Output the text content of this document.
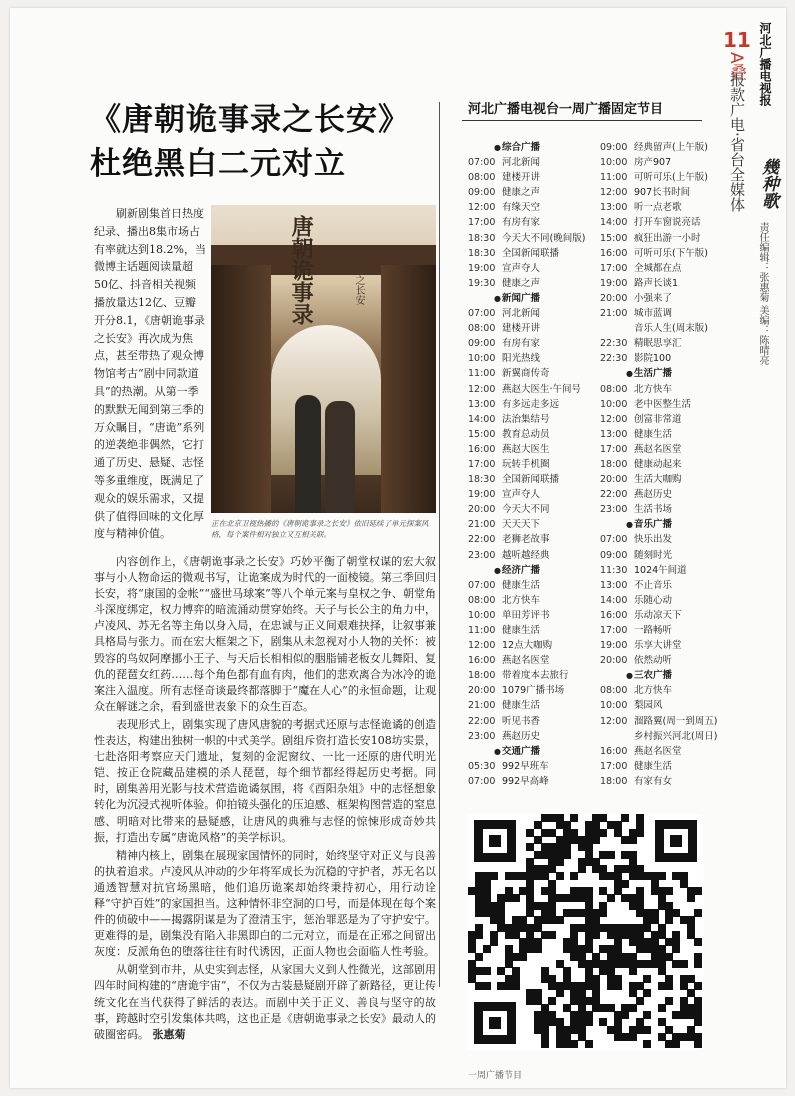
11
A叠 河北广播电视报
报款广电·省台全媒体 幾种歌
责任编辑：张惠菊 美编：陈晴亮
《唐朝诡事录之长安》
杜绝黑白二元对立
刷新剧集首日热度纪录、播出8集市场占有率就达到18.2%，当微博主话题阅读量超50亿、抖音相关视频播放量达12亿、豆瓣开分8.1，《唐朝诡事录之长安》再次成为焦点，甚至带热了观众博物馆考古“剧中同款道具”的热潮。从第一季的默默无闻到第三季的万众瞩目，“唐诡”系列的逆袭绝非偶然，它打通了历史、悬疑、志怪等多重维度，既满足了观众的娱乐需求，又提供了值得回味的文化厚度与精神价值。
唐朝诡事录	之长安
正在北京卫视热播的《唐朝诡事录之长安》依旧延续了单元探案风格，每个案件相对独立又互相关联。

内容创作上，《唐朝诡事录之长安》巧妙平衡了朝堂权谋的宏大叙事与小人物命运的微观书写，让诡案成为时代的一面棱镜。第三季回归长安，将“康国的金帐”“盛世马球案”等八个单元案与皇权之争、朝堂角斗深度绑定，权力博弈的暗流涌动贯穿始终。天子与长公主的角力中，卢凌风、苏无名等主角以身入局，在忠诚与正义间艰难抉择，让叙事兼具格局与张力。而在宏大框架之下，剧集从未忽视对小人物的关怀：被毁容的鸟奴阿摩挪小王子、与天后长相相似的胭脂铺老板女儿舞阳、复仇的琵琶女红药……每个角色都有血有肉，他们的悲欢离合为冰冷的诡案注入温度。所有志怪奇谈最终都落脚于“魔在人心”的永恒命题，让观众在解谜之余，看到盛世表象下的众生百态。

表现形式上，剧集实现了唐风唐貌的考据式还原与志怪诡谲的创造性表达，构建出独树一帜的中式美学。剧组斥资打造长安108坊实景，七赴洛阳考察应天门遗址，复刻的金泥窗纹、一比一还原的唐代明光铠、按正仓院藏品建模的杀人琵琶，每个细节都经得起历史考据。同时，剧集善用光影与技术营造诡谲氛围，将《酉阳杂俎》中的志怪想象转化为沉浸式视听体验。仰拍镜头强化的压迫感、框架构图营造的窒息感、明暗对比带来的悬疑感，让唐风的典雅与志怪的惊悚形成奇妙共振，打造出专属“唐诡风格”的美学标识。

精神内核上，剧集在展现家国情怀的同时，始终坚守对正义与良善的执着追求。卢凌风从冲动的少年将军成长为沉稳的守护者，苏无名以通透智慧对抗官场黑暗，他们追历诡案却始终秉持初心，用行动诠释“守护百姓”的家国担当。这种情怀非空洞的口号，而是体现在每个案件的侦破中——揭露阴谋是为了澄清玉宇，惩治罪恶是为了守护安宁。更难得的是，剧集没有陷入非黑即白的二元对立，而是在正邪之间留出灰度：反派角色的堕落往往有时代诱因，正面人物也会面临人性考验。

从朝堂到市井，从史实到志怪，从家国大义到人性微光，这部剧用四年时间构建的“唐诡宇宙”，不仅为古装悬疑剧开辟了新路径，更让传统文化在当代获得了鲜活的表达。而剧中关于正义、善良与坚守的故事，跨越时空引发集体共鸣，这也正是《唐朝诡事录之长安》最动人的破圈密码。 张惠菊

河北广播电视台一周广播固定节目
● 综合广播
07:00 河北新闻
08:00 建楼开讲
09:00 健康之声
12:00 有缘天空
17:00 有房有家
18:30 今天大不同(晚间版)
18:30 全国新闻联播
19:00 宣声夺人
19:30 健康之声
● 新闻广播
07:00 河北新闻
08:00 建楼开讲
09:00 有房有家
10:00 阳光热线
11:00 新翼商传奇
12:00 燕赵大医生·午间号
13:00 有多远走多远
14:00 法治集结号
15:00 教育总动员
16:00 燕赵大医生
17:00 玩转手机圈
18:30 全国新闻联播
19:00 宣声夺人
20:00 今天大不同
21:00 天天天下
22:00 老狮老故事
23:00 越听越经典
● 经济广播
07:00 健康生活
08:00 北方快车
10:00 单田芳评书
11:00 健康生活
12:00 12点大咖购
16:00 燕赵名医堂
18:00 带着度本去旅行
20:00 1079广播书场
21:00 健康生活
22:00 听见书香
23:00 燕赵历史
● 交通广播
05:30 992早班车
07:00 992早高峰
09:00 经典留声(上午版)
10:00 房产907
11:00 可听可乐(上午版)
12:00 907长书时间
13:00 听一点老歌
14:00 打开车窗说亮话
15:00 疯狂出游一小时
16:00 可听可乐(下午版)
17:00 全城都在点
19:00 路声长谈1
20:00 小强来了
21:00 城市蓝调
音乐人生(周末版)
22:30 精眠思享汇
22:30 影院100
● 生活广播
08:00 北方快车
10:00 老中医整生活
12:00 创富非常道
13:00 健康生活
17:00 燕赵名医堂
18:00 健康动起来
20:00 生活大咖购
22:00 燕赵历史
23:00 生活书场
● 音乐广播
07:00 快乐出发
09:00 随刻时光
11:30 1024午间道
13:00 不止音乐
14:00 乐随心动
16:00 乐动凉天下
17:00 一路畅听
19:00 乐享大讲堂
20:00 依然动听
● 三农广播
08:00 北方快车
10:00 梨园风
12:00 溜路翼(周一到周五)
乡村振兴河北(周日)
16:00 燕赵名医堂
17:00 健康生活
18:00 有家有女
一周广播节目
